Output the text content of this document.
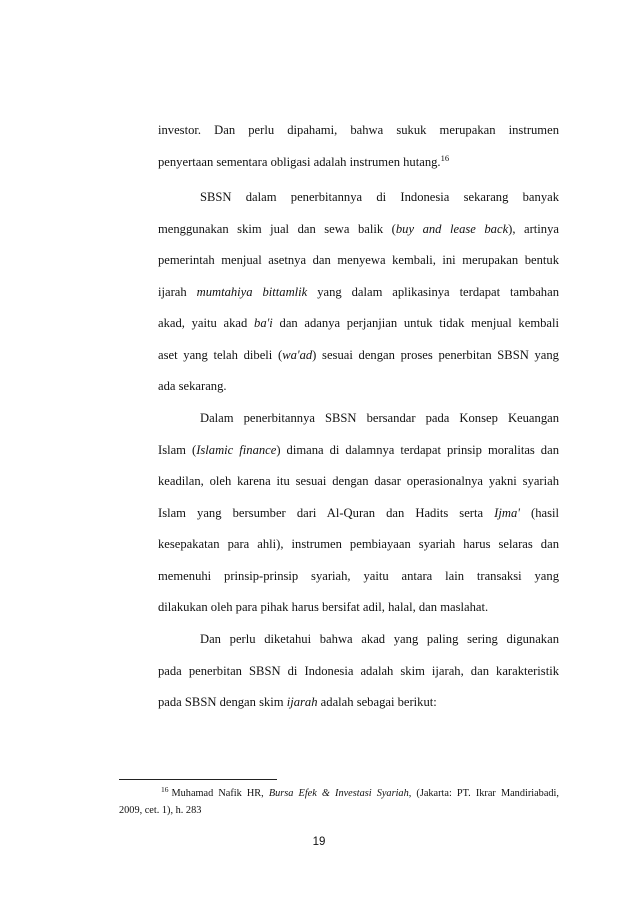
investor. Dan perlu dipahami, bahwa sukuk merupakan instrumen
penyertaan sementara obligasi adalah instrumen hutang.$^{16}$
SBSN dalam penerbitannya di Indonesia sekarang banyak
menggunakan skim jual dan sewa balik (buy and lease back), artinya
pemerintah menjual asetnya dan menyewa kembali, ini merupakan bentuk
ijarah mumtahiya bittamlik yang dalam aplikasinya terdapat tambahan
akad, yaitu akad ba'i dan adanya perjanjian untuk tidak menjual kembali
aset yang telah dibeli (wa'ad) sesuai dengan proses penerbitan SBSN yang
ada sekarang.
Dalam penerbitannya SBSN bersandar pada Konsep Keuangan
Islam (Islamic finance) dimana di dalamnya terdapat prinsip moralitas dan
keadilan, oleh karena itu sesuai dengan dasar operasionalnya yakni syariah
Islam yang bersumber dari Al-Quran dan Hadits serta Ijma' (hasil
kesepakatan para ahli), instrumen pembiayaan syariah harus selaras dan
memenuhi prinsip-prinsip syariah, yaitu antara lain transaksi yang
dilakukan oleh para pihak harus bersifat adil, halal, dan maslahat.
Dan perlu diketahui bahwa akad yang paling sering digunakan
pada penerbitan SBSN di Indonesia adalah skim ijarah, dan karakteristik
pada SBSN dengan skim ijarah adalah sebagai berikut:
$^{16}$ Muhamad Nafik HR, Bursa Efek & Investasi Syariah, (Jakarta: PT. Ikrar Mandiriabadi,
2009, cet. 1), h. 283
19
